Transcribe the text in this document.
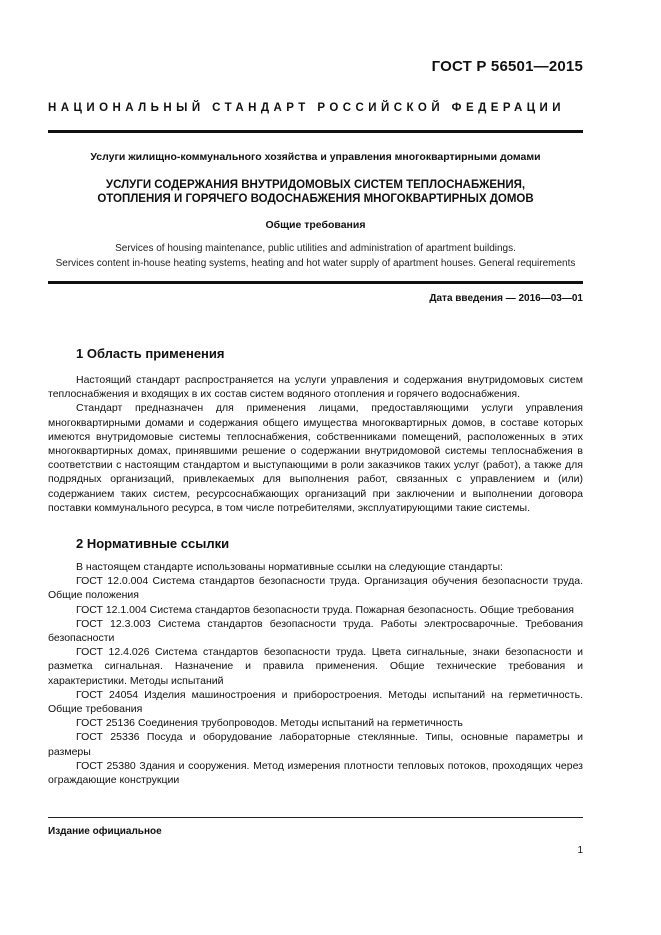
ГОСТ Р 56501—2015
НАЦИОНАЛЬНЫЙ СТАНДАРТ РОССИЙСКОЙ ФЕДЕРАЦИИ
Услуги жилищно-коммунального хозяйства и управления многоквартирными домами
УСЛУГИ СОДЕРЖАНИЯ ВНУТРИДОМОВЫХ СИСТЕМ ТЕПЛОСНАБЖЕНИЯ,
ОТОПЛЕНИЯ И ГОРЯЧЕГО ВОДОСНАБЖЕНИЯ МНОГОКВАРТИРНЫХ ДОМОВ
Общие требования
Services of housing maintenance, public utilities and administration of apartment buildings.
Services content in-house heating systems, heating and hot water supply of apartment houses. General requirements
Дата введения — 2016—03—01
1 Область применения

Настоящий стандарт распространяется на услуги управления и содержания внутридомовых систем теплоснабжения и входящих в их состав систем водяного отопления и горячего водоснабжения.

Стандарт предназначен для применения лицами, предоставляющими услуги управления многоквартирными домами и содержания общего имущества многоквартирных домов, в составе которых имеются внутридомовые системы теплоснабжения, собственниками помещений, расположенных в этих многоквартирных домах, принявшими решение о содержании внутридомовой системы теплоснабжения в соответствии с настоящим стандартом и выступающими в роли заказчиков таких услуг (работ), а также для подрядных организаций, привлекаемых для выполнения работ, связанных с управлением и (или) содержанием таких систем, ресурсоснабжающих организаций при заключении и выполнении договора поставки коммунального ресурса, в том числе потребителями, эксплуатирующими такие системы.

2 Нормативные ссылки

В настоящем стандарте использованы нормативные ссылки на следующие стандарты:

ГОСТ 12.0.004 Система стандартов безопасности труда. Организация обучения безопасности труда. Общие положения

ГОСТ 12.1.004 Система стандартов безопасности труда. Пожарная безопасность. Общие требования

ГОСТ 12.3.003 Система стандартов безопасности труда. Работы электросварочные. Требования безопасности

ГОСТ 12.4.026 Система стандартов безопасности труда. Цвета сигнальные, знаки безопасности и разметка сигнальная. Назначение и правила применения. Общие технические требования и характеристики. Методы испытаний

ГОСТ 24054 Изделия машиностроения и приборостроения. Методы испытаний на герметичность. Общие требования

ГОСТ 25136 Соединения трубопроводов. Методы испытаний на герметичность

ГОСТ 25336 Посуда и оборудование лабораторные стеклянные. Типы, основные параметры и размеры

ГОСТ 25380 Здания и сооружения. Метод измерения плотности тепловых потоков, проходящих через ограждающие конструкции

Издание официальное
1
